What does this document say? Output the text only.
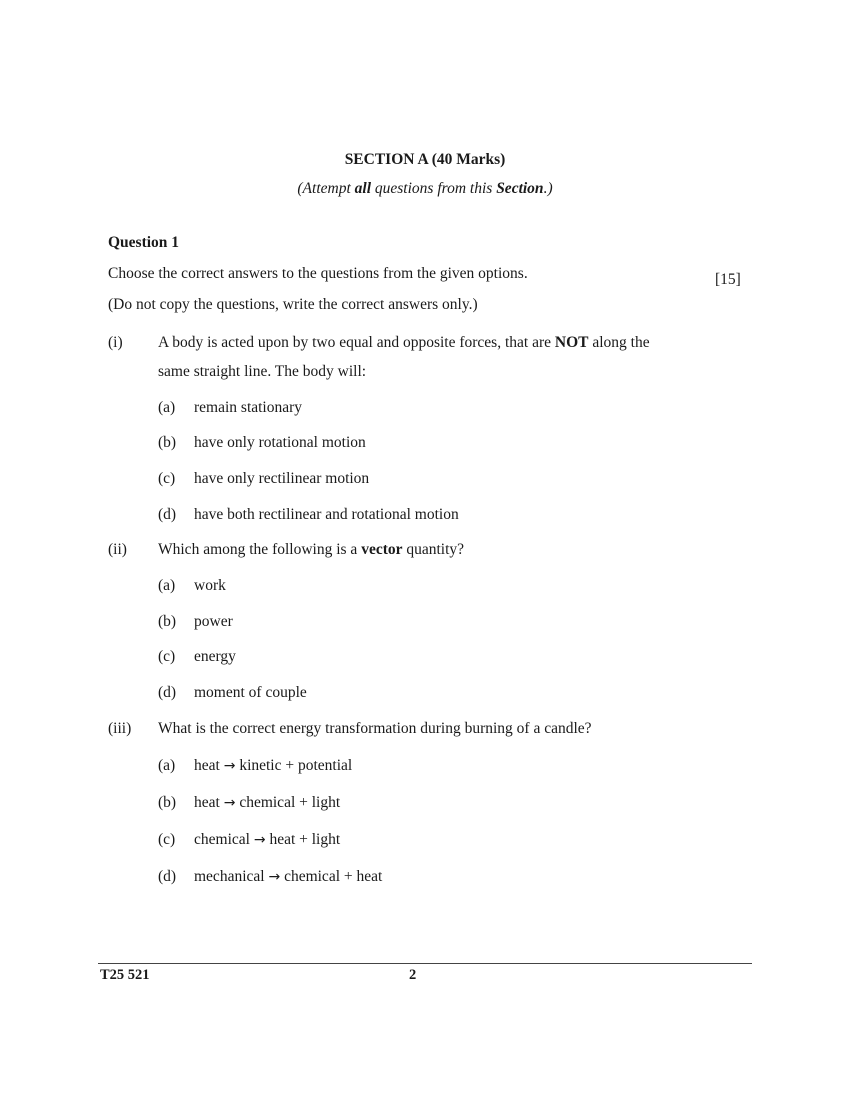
SECTION A (40 Marks)
(Attempt all questions from this Section.)
Question 1
Choose the correct answers to the questions from the given options.	[15]
(Do not copy the questions, write the correct answers only.)
(i) A body is acted upon by two equal and opposite forces, that are NOT along the
same straight line. The body will:
(a) remain stationary
(b) have only rotational motion
(c) have only rectilinear motion
(d) have both rectilinear and rotational motion
(ii) Which among the following is a vector quantity?
(a) work
(b) power
(c) energy
(d) moment of couple
(iii) What is the correct energy transformation during burning of a candle?
(a) heat → kinetic + potential
(b) heat → chemical + light
(c) chemical → heat + light
(d) mechanical → chemical + heat
T25 521	2
